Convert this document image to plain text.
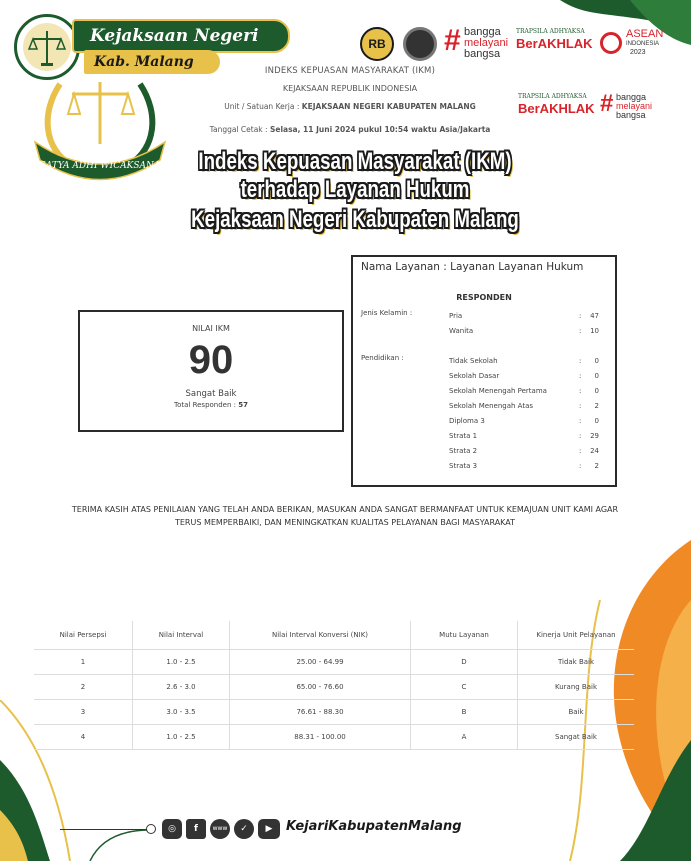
Kejaksaan Negeri
Kab. Malang
SATYA ADHI WICAKSANA
RB # bangga
melayani
bangsa
TRAPSILA ADHYAKSA
BerAKHLAK
ASEAN
INDONESIA
2023
TRAPSILA ADHYAKSA
BerAKHLAK # bangga
melayani
bangsa
INDEKS KEPUASAN MASYARAKAT (IKM)
KEJAKSAAN REPUBLIK INDONESIA
Unit / Satuan Kerja : KEJAKSAAN NEGERI KABUPATEN MALANG
Tanggal Cetak : Selasa, 11 Juni 2024 pukul 10:54 waktu Asia/Jakarta
Indeks Kepuasan Masyarakat (IKM)
terhadap Layanan Hukum
Kejaksaan Negeri Kabupaten Malang
NILAI IKM
90
Sangat Baik
Total Responden : 57
Nama Layanan : Layanan Layanan Hukum
RESPONDEN
Jenis Kelamin :
Pendidikan :
Pria	: 47
Wanita	: 10
Tidak Sekolah	: 0
Sekolah Dasar	: 0
Sekolah Menengah Pertama	: 0
Sekolah Menengah Atas	: 2
Diploma 3	: 0
Strata 1	: 29
Strata 2	: 24
Strata 3	: 2
TERIMA KASIH ATAS PENILAIAN YANG TELAH ANDA BERIKAN, MASUKAN ANDA SANGAT BERMANFAAT UNTUK KEMAJUAN UNIT KAMI AGAR
TERUS MEMPERBAIKI, DAN MENINGKATKAN KUALITAS PELAYANAN BAGI MASYARAKAT
Nilai Persepsi	Nilai Interval	Nilai Interval Konversi (NIK)	Mutu Layanan	Kinerja Unit Pelayanan
1	1.0 - 2.5	25.00 - 64.99	D	Tidak Baik
2	2.6 - 3.0	65.00 - 76.60	C	Kurang Baik
3	3.0 - 3.5	76.61 - 88.30	B	Baik
4	1.0 - 2.5	88.31 - 100.00	A	Sangat Baik
◎	f	www	✓	▶	KejariKabupatenMalang
